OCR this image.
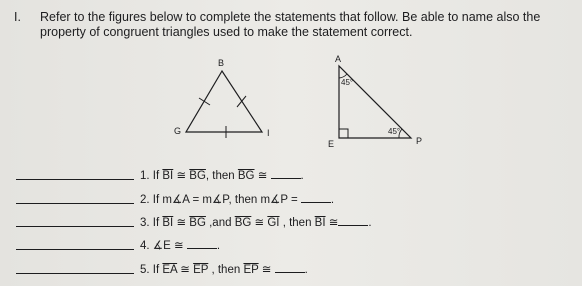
I. Refer to the figures below to complete the statements that follow. Be able to name also the property of congruent triangles used to make the statement correct.
B
G	I
A
45°
E
45°
P
1. If $\overline{BI}$ ≅ $\overline{BG}$, then $\overline{BG}$ ≅	.
2. If m∡A = m∡P, then m∡P =	.
3. If $\overline{BI}$ ≅ $\overline{BG}$ ,and $\overline{BG}$ ≅ $\overline{GI}$ , then $\overline{BI}$ ≅	.
4. ∡E ≅	.
5. If $\overline{EA}$ ≅ $\overline{EP}$ , then $\overline{EP}$ ≅	.
